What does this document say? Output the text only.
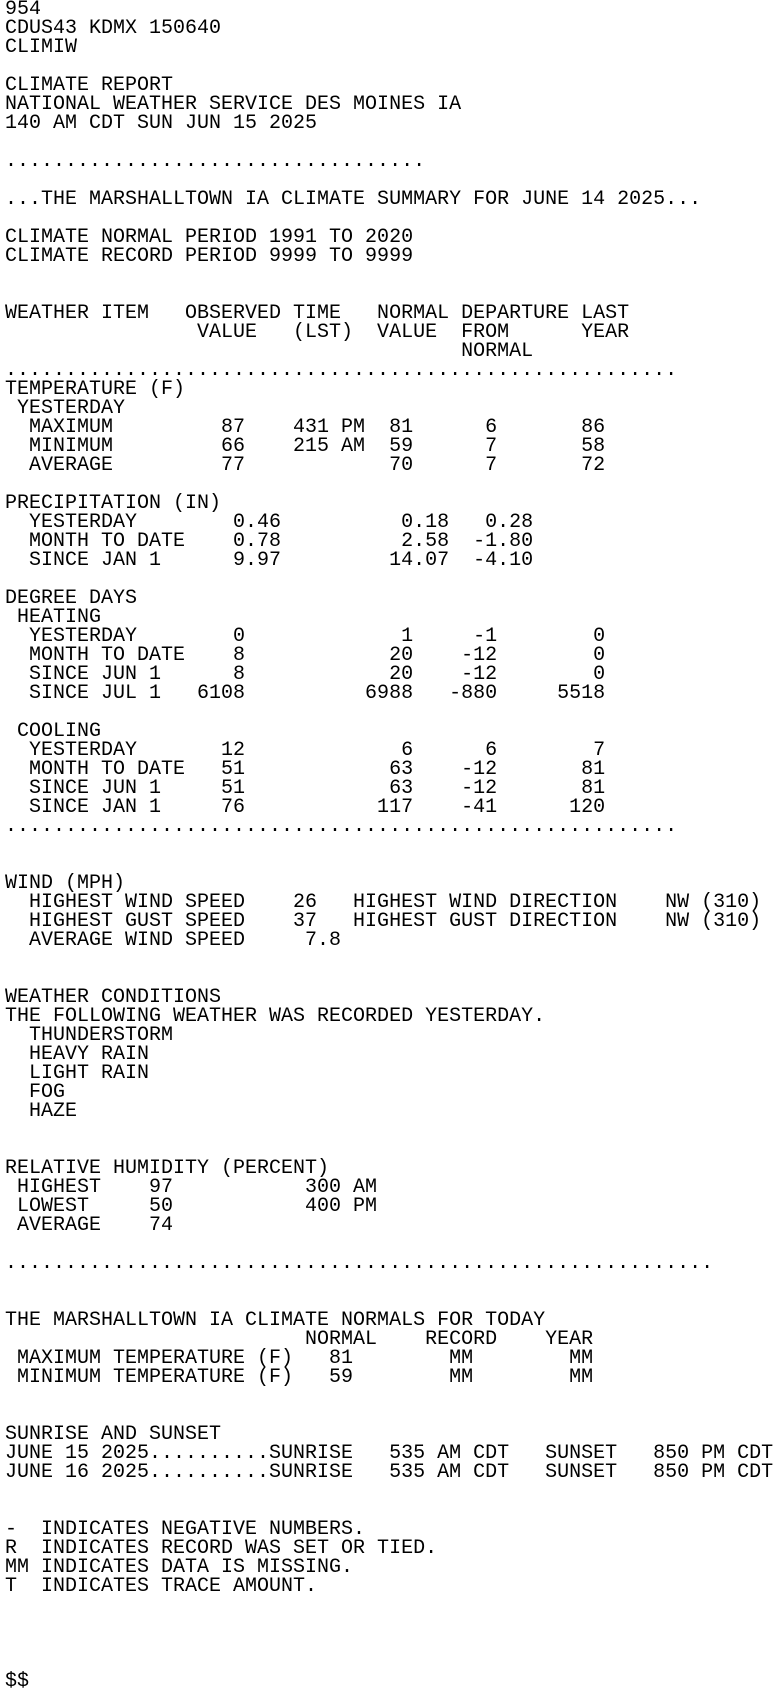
954
CDUS43 KDMX 150640
CLIMIW
CLIMATE REPORT
NATIONAL WEATHER SERVICE DES MOINES IA
140 AM CDT SUN JUN 15 2025
...................................
...THE MARSHALLTOWN IA CLIMATE SUMMARY FOR JUNE 14 2025...
CLIMATE NORMAL PERIOD 1991 TO 2020
CLIMATE RECORD PERIOD 9999 TO 9999
WEATHER ITEM   OBSERVED TIME   NORMAL DEPARTURE LAST
VALUE   (LST)  VALUE  FROM      YEAR
NORMAL
........................................................
TEMPERATURE (F)
YESTERDAY
MAXIMUM         87    431 PM  81      6       86
MINIMUM         66    215 AM  59      7       58
AVERAGE         77            70      7       72
PRECIPITATION (IN)
YESTERDAY        0.46          0.18   0.28
MONTH TO DATE    0.78          2.58  -1.80
SINCE JAN 1      9.97         14.07  -4.10
DEGREE DAYS
HEATING
YESTERDAY        0             1     -1        0
MONTH TO DATE    8            20    -12        0
SINCE JUN 1      8            20    -12        0
SINCE JUL 1   6108          6988   -880     5518
COOLING
YESTERDAY       12             6      6        7
MONTH TO DATE   51            63    -12       81
SINCE JUN 1     51            63    -12       81
SINCE JAN 1     76           117    -41      120
........................................................
WIND (MPH)
HIGHEST WIND SPEED    26   HIGHEST WIND DIRECTION    NW (310)
HIGHEST GUST SPEED    37   HIGHEST GUST DIRECTION    NW (310)
AVERAGE WIND SPEED     7.8
WEATHER CONDITIONS
THE FOLLOWING WEATHER WAS RECORDED YESTERDAY.
THUNDERSTORM
HEAVY RAIN
LIGHT RAIN
FOG
HAZE
RELATIVE HUMIDITY (PERCENT)
HIGHEST    97           300 AM
LOWEST     50           400 PM
AVERAGE    74
...........................................................
THE MARSHALLTOWN IA CLIMATE NORMALS FOR TODAY
NORMAL    RECORD    YEAR
MAXIMUM TEMPERATURE (F)   81        MM        MM
MINIMUM TEMPERATURE (F)   59        MM        MM
SUNRISE AND SUNSET
JUNE 15 2025..........SUNRISE   535 AM CDT   SUNSET   850 PM CDT
JUNE 16 2025..........SUNRISE   535 AM CDT   SUNSET   850 PM CDT
-  INDICATES NEGATIVE NUMBERS.
R  INDICATES RECORD WAS SET OR TIED.
MM INDICATES DATA IS MISSING.
T  INDICATES TRACE AMOUNT.
$$
